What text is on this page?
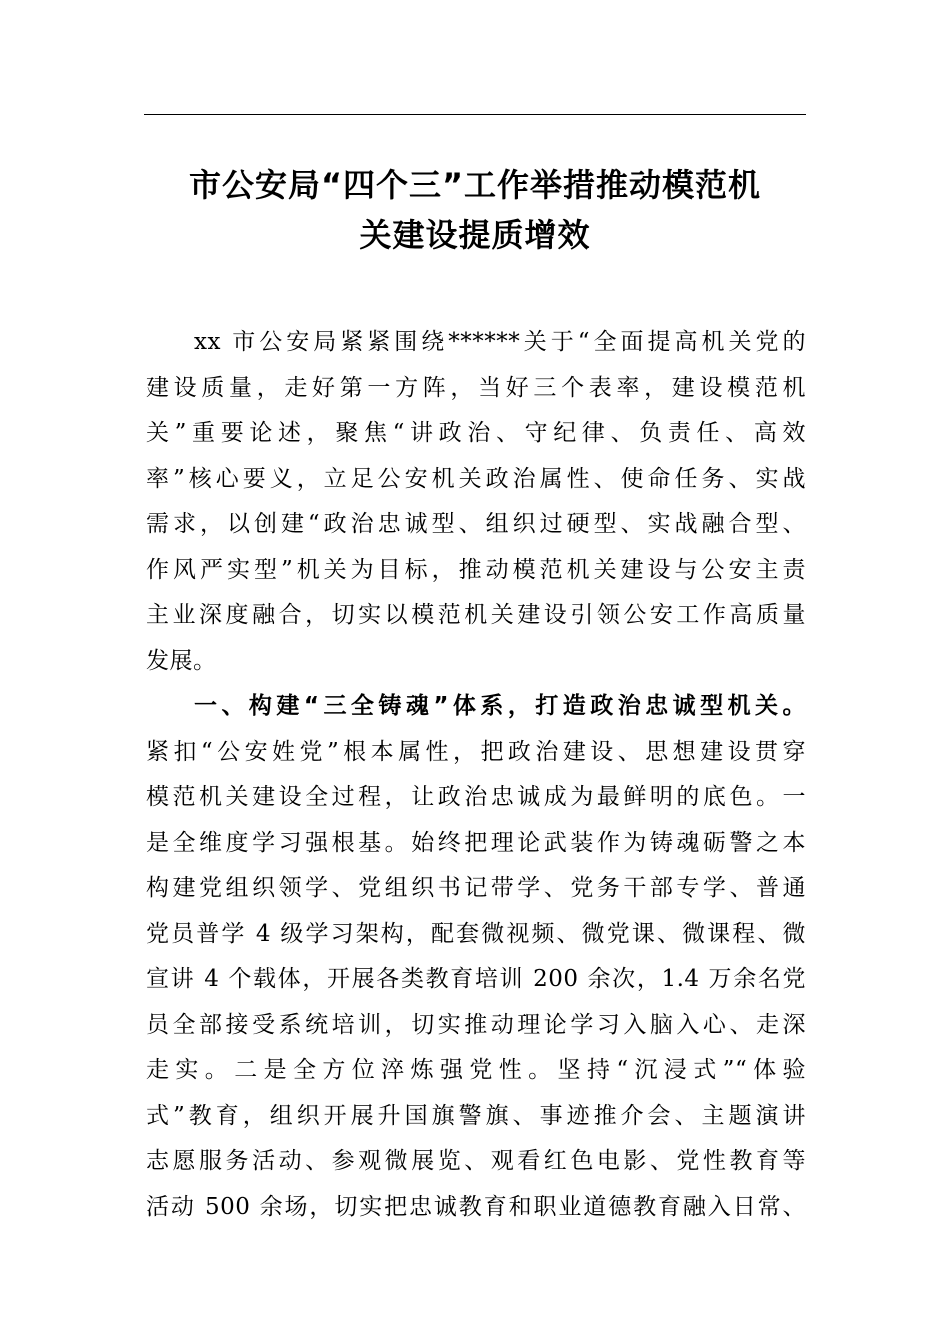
市公安局“四个三”工作举措推动模范机
关建设提质增效
xx 市公安局紧紧围绕******关于“全面提高机关党的
建设质量，走好第一方阵，当好三个表率，建设模范机
关”重要论述，聚焦“讲政治、守纪律、负责任、高效
率”核心要义，立足公安机关政治属性、使命任务、实战
需求，以创建“政治忠诚型、组织过硬型、实战融合型、
作风严实型”机关为目标，推动模范机关建设与公安主责
主业深度融合，切实以模范机关建设引领公安工作高质量
发展。
一、构建“三全铸魂”体系，打造政治忠诚型机关。
紧扣“公安姓党”根本属性，把政治建设、思想建设贯穿
模范机关建设全过程，让政治忠诚成为最鲜明的底色。一
是全维度学习强根基。始终把理论武装作为铸魂砺警之本
构建党组织领学、党组织书记带学、党务干部专学、普通
党员普学 4 级学习架构，配套微视频、微党课、微课程、微
宣讲 4 个载体，开展各类教育培训 200 余次，1.4 万余名党
员全部接受系统培训，切实推动理论学习入脑入心、走深
走实。二是全方位淬炼强党性。坚持“沉浸式”“体验
式”教育，组织开展升国旗警旗、事迹推介会、主题演讲
志愿服务活动、参观微展览、观看红色电影、党性教育等
活动 500 余场，切实把忠诚教育和职业道德教育融入日常、
